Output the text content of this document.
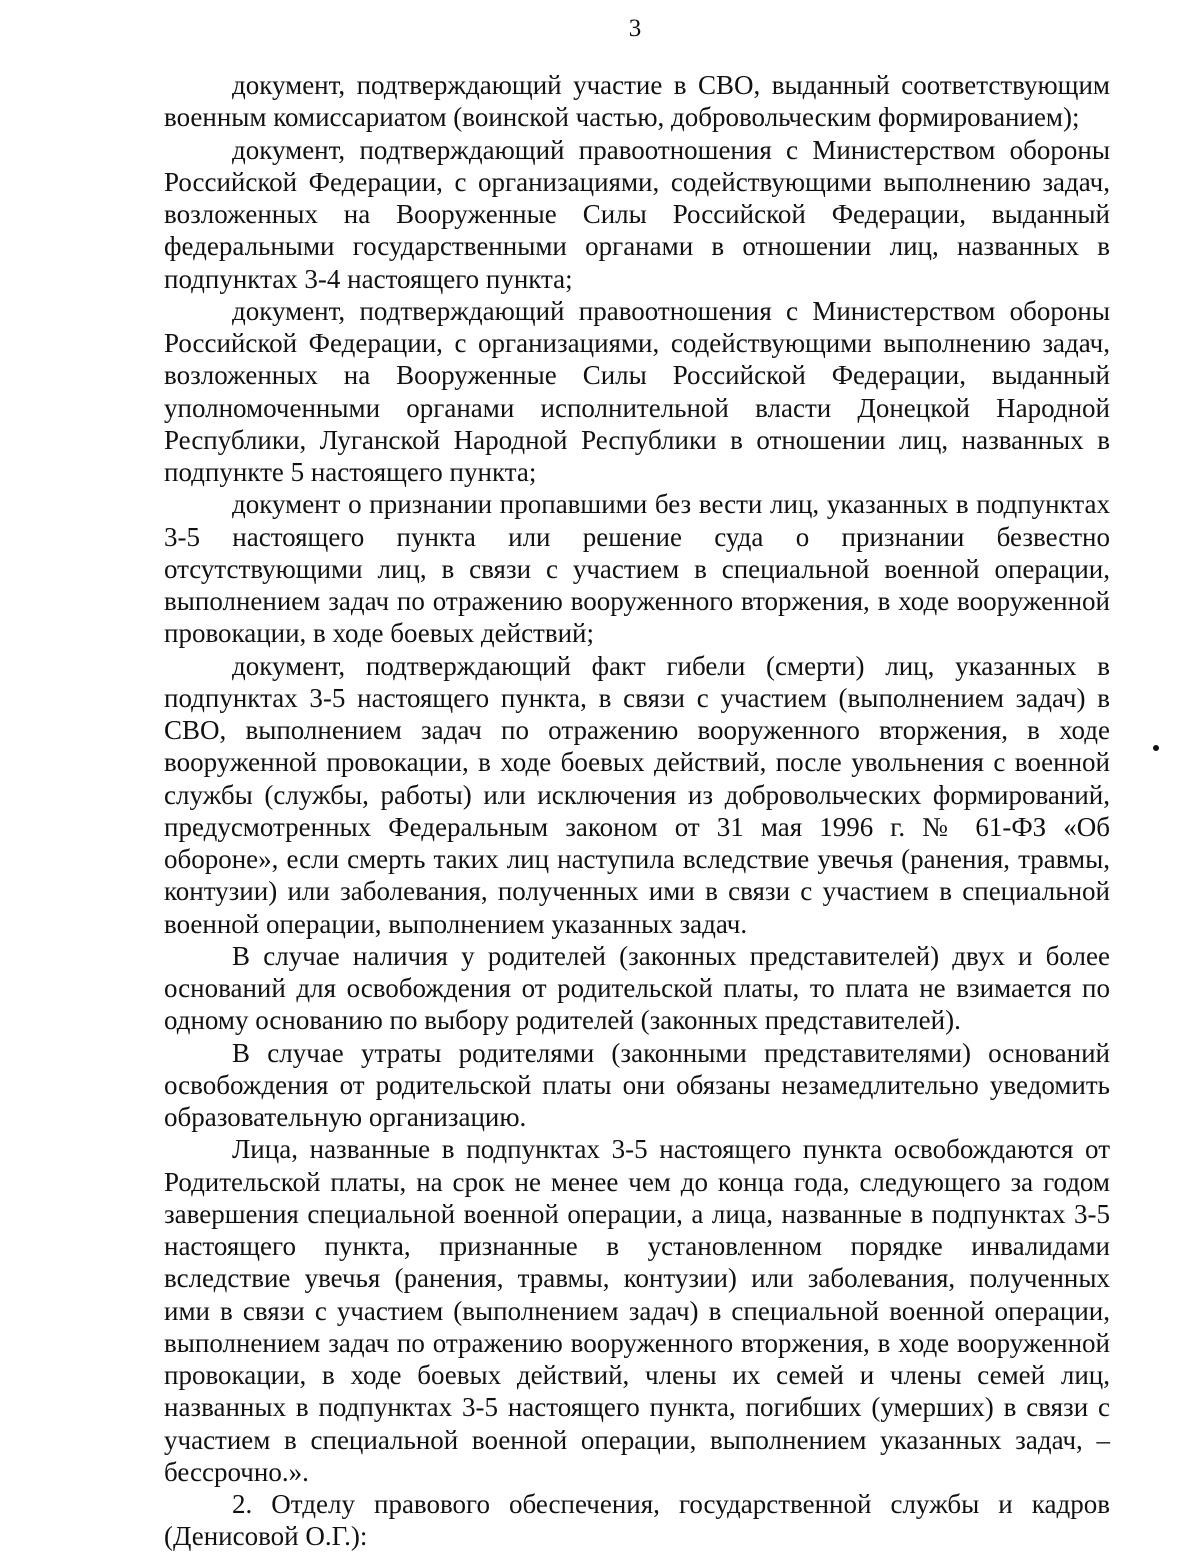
3

документ, подтверждающий участие в СВО, выданный соответствующим военным комиссариатом (воинской частью, добровольческим формированием);

документ, подтверждающий правоотношения с Министерством обороны Российской Федерации, с организациями, содействующими выполнению задач, возложенных на Вооруженные Силы Российской Федерации, выданный федеральными государственными органами в отношении лиц, названных в подпунктах 3-4 настоящего пункта;

документ, подтверждающий правоотношения с Министерством обороны Российской Федерации, с организациями, содействующими выполнению задач, возложенных на Вооруженные Силы Российской Федерации, выданный уполномоченными органами исполнительной власти Донецкой Народной Республики, Луганской Народной Республики в отношении лиц, названных в подпункте 5 настоящего пункта;

документ о признании пропавшими без вести лиц, указанных в подпунктах 3-5 настоящего пункта или решение суда о признании безвестно отсутствующими лиц, в связи с участием в специальной военной операции, выполнением задач по отражению вооруженного вторжения, в ходе вооруженной провокации, в ходе боевых действий;

документ, подтверждающий факт гибели (смерти) лиц, указанных в подпунктах 3-5 настоящего пункта, в связи с участием (выполнением задач) в СВО, выполнением задач по отражению вооруженного вторжения, в ходе вооруженной провокации, в ходе боевых действий, после увольнения с военной службы (службы, работы) или исключения из добровольческих формирований, предусмотренных Федеральным законом от 31 мая 1996 г. № 61-ФЗ «Об обороне», если смерть таких лиц наступила вследствие увечья (ранения, травмы, контузии) или заболевания, полученных ими в связи с участием в специальной военной операции, выполнением указанных задач.

В случае наличия у родителей (законных представителей) двух и более оснований для освобождения от родительской платы, то плата не взимается по одному основанию по выбору родителей (законных представителей).

В случае утраты родителями (законными представителями) оснований освобождения от родительской платы они обязаны незамедлительно уведомить образовательную организацию.

Лица, названные в подпунктах 3-5 настоящего пункта освобождаются от Родительской платы, на срок не менее чем до конца года, следующего за годом завершения специальной военной операции, а лица, названные в подпунктах 3-5 настоящего пункта, признанные в установленном порядке инвалидами вследствие увечья (ранения, травмы, контузии) или заболевания, полученных ими в связи с участием (выполнением задач) в специальной военной операции, выполнением задач по отражению вооруженного вторжения, в ходе вооруженной провокации, в ходе боевых действий, члены их семей и члены семей лиц, названных в подпунктах 3-5 настоящего пункта, погибших (умерших) в связи с участием в специальной военной операции, выполнением указанных задач, – бессрочно.».

2. Отделу правового обеспечения, государственной службы и кадров (Денисовой О.Г.):
